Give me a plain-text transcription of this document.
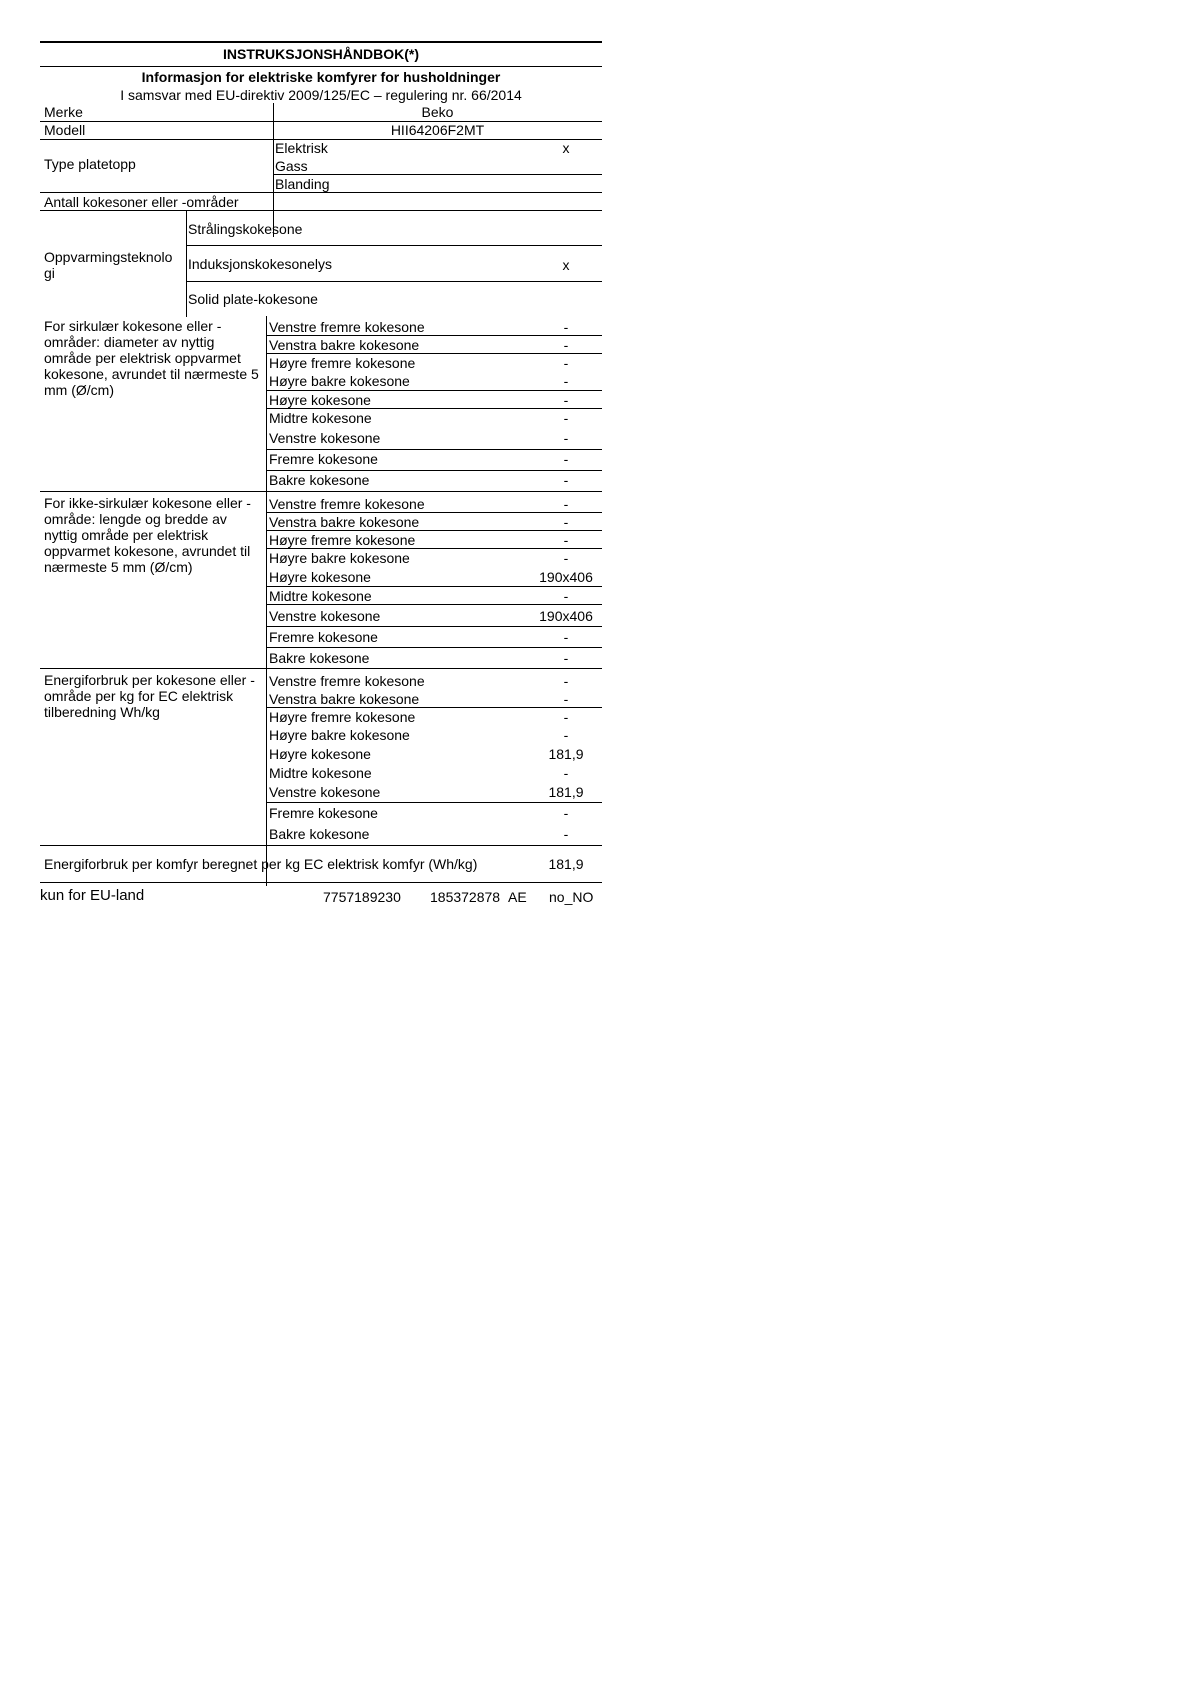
INSTRUKSJONSHÅNDBOK(*)
Informasjon for elektriske komfyrer for husholdninger
I samsvar med EU-direktiv 2009/125/EC – regulering nr. 66/2014
Merke	Beko
Modell	HII64206F2MT
Type platetopp
Elektrisk	x
Gass
Blanding
Antall kokesoner eller -områder
Oppvarmingsteknolo gi
Strålingskokesone
Induksjonskokesonelys	x
Solid plate-kokesone
For sirkulær kokesone eller -områder: diameter av nyttig område per elektrisk oppvarmet kokesone, avrundet til nærmeste 5 mm (Ø/cm)
Venstre fremre kokesone	-
Venstra bakre kokesone	-
Høyre fremre kokesone	-
Høyre bakre kokesone	-
Høyre kokesone	-
Midtre kokesone	-
Venstre kokesone	-
Fremre kokesone	-
Bakre kokesone	-
For ikke-sirkulær kokesone eller -område: lengde og bredde av nyttig område per elektrisk oppvarmet kokesone, avrundet til nærmeste 5 mm (Ø/cm)
Venstre fremre kokesone	-
Venstra bakre kokesone	-
Høyre fremre kokesone	-
Høyre bakre kokesone	-
Høyre kokesone	190x406
Midtre kokesone	-
Venstre kokesone	190x406
Fremre kokesone	-
Bakre kokesone	-
Energiforbruk per kokesone eller -område per kg for EC elektrisk tilberedning Wh/kg
Venstre fremre kokesone	-
Venstra bakre kokesone	-
Høyre fremre kokesone	-
Høyre bakre kokesone	-
Høyre kokesone	181,9
Midtre kokesone	-
Venstre kokesone	181,9
Fremre kokesone	-
Bakre kokesone	-
Energiforbruk per komfyr beregnet per kg EC elektrisk komfyr (Wh/kg)	181,9
kun for EU-land	7757189230 185372878 AE no_NO
